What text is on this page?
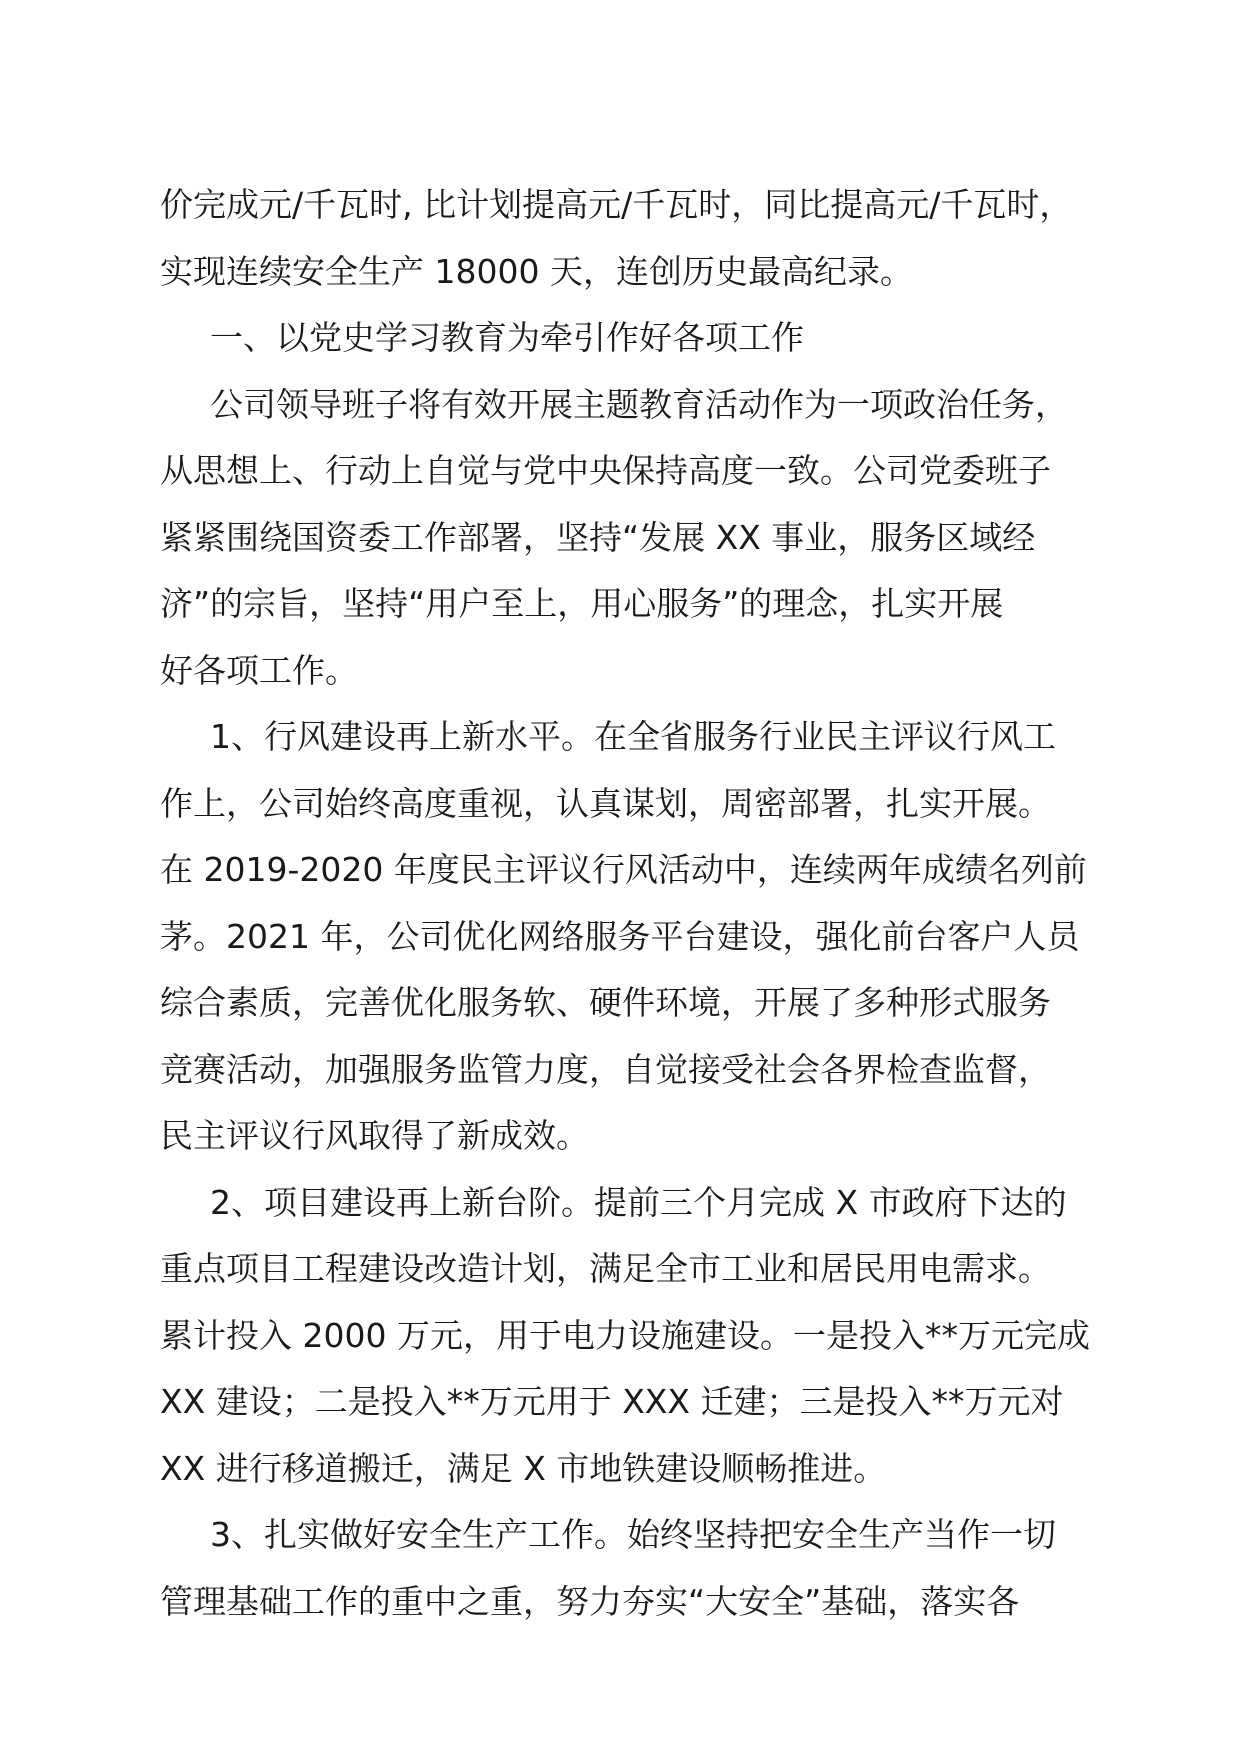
价完成元/千瓦时, 比计划提高元/千瓦时，同比提高元/千瓦时，
实现连续安全生产 18000 天，连创历史最高纪录。
一、以党史学习教育为牵引作好各项工作
公司领导班子将有效开展主题教育活动作为一项政治任务，
从思想上、行动上自觉与党中央保持高度一致。公司党委班子
紧紧围绕国资委工作部署，坚持“发展 XX 事业，服务区域经
济”的宗旨，坚持“用户至上，用心服务”的理念，扎实开展
好各项工作。
1、行风建设再上新水平。在全省服务行业民主评议行风工
作上，公司始终高度重视，认真谋划，周密部署，扎实开展。
在 2019-2020 年度民主评议行风活动中，连续两年成绩名列前
茅。2021 年，公司优化网络服务平台建设，强化前台客户人员
综合素质，完善优化服务软、硬件环境，开展了多种形式服务
竞赛活动，加强服务监管力度，自觉接受社会各界检查监督，
民主评议行风取得了新成效。
2、项目建设再上新台阶。提前三个月完成 X 市政府下达的
重点项目工程建设改造计划，满足全市工业和居民用电需求。
累计投入 2000 万元，用于电力设施建设。一是投入**万元完成
XX 建设；二是投入**万元用于 XXX 迁建；三是投入**万元对
XX 进行移道搬迁，满足 X 市地铁建设顺畅推进。
3、扎实做好安全生产工作。始终坚持把安全生产当作一切
管理基础工作的重中之重，努力夯实“大安全”基础，落实各
